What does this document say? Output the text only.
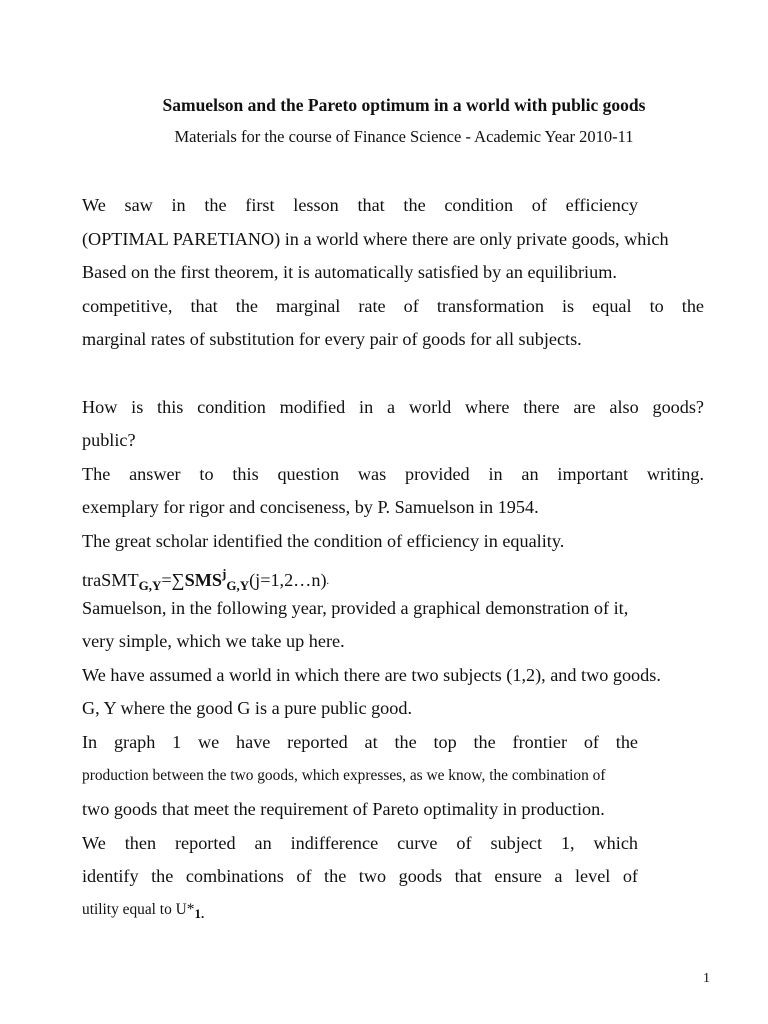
Samuelson and the Pareto optimum in a world with public goods
Materials for the course of Finance Science - Academic Year 2010-11
We saw in the first lesson that the condition of efficiency
(OPTIMAL PARETIANO) in a world where there are only private goods, which
Based on the first theorem, it is automatically satisfied by an equilibrium.
competitive, that the marginal rate of transformation is equal to the
marginal rates of substitution for every pair of goods for all subjects.
How is this condition modified in a world where there are also goods?
public?
The answer to this question was provided in an important writing.
exemplary for rigor and conciseness, by P. Samuelson in 1954.
The great scholar identified the condition of efficiency in equality.
$traSMT_{G,Y}=\sum SMS^j_{G,Y}(j=1,2\dots n)$.
Samuelson, in the following year, provided a graphical demonstration of it,
very simple, which we take up here.
We have assumed a world in which there are two subjects (1,2), and two goods.
G, Y where the good G is a pure public good.
In graph 1 we have reported at the top the frontier of the
production between the two goods, which expresses, as we know, the combination of
two goods that meet the requirement of Pareto optimality in production.
We then reported an indifference curve of subject 1, which
identify the combinations of the two goods that ensure a level of
utility equal to $U*_{1.}$
1
